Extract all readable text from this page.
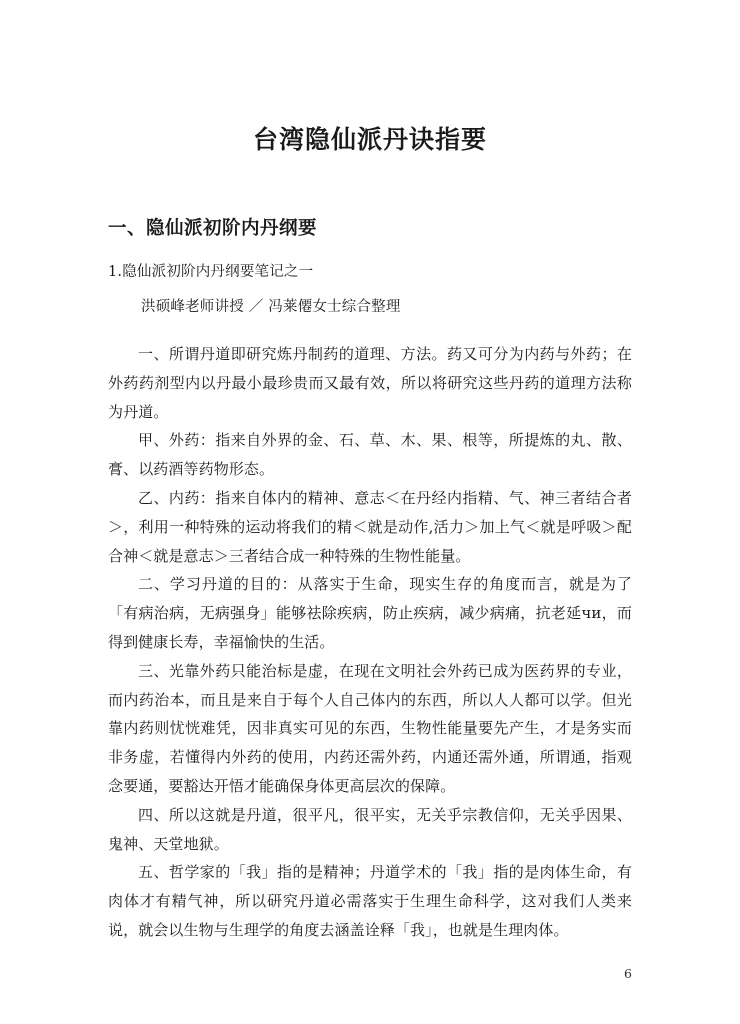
台湾隐仙派丹诀指要
一、隐仙派初阶内丹纲要

1.隐仙派初阶内丹纲要笔记之一

洪硕峰老师讲授 ／ 冯莱僊女士综合整理

一、所谓丹道即研究炼丹制药的道理、方法。药又可分为内药与外药；在外药药剂型内以丹最小最珍贵而又最有效，所以将研究这些丹药的道理方法称为丹道。

甲、外药：指来自外界的金、石、草、木、果、根等，所提炼的丸、散、膏、以药酒等药物形态。

乙、内药：指来自体内的精神、意志＜在丹经内指精、气、神三者结合者＞，利用一种特殊的运动将我们的精＜就是动作,活力＞加上气＜就是呼吸＞配合神＜就是意志＞三者结合成一种特殊的生物性能量。

二、学习丹道的目的：从落实于生命，现实生存的角度而言，就是为了「有病治病，无病强身」能够祛除疾病，防止疾病，减少病痛，抗老延чи，而得到健康长寿，幸福愉快的生活。

三、光靠外药只能治标是虚，在现在文明社会外药已成为医药界的专业，而内药治本，而且是来自于每个人自己体内的东西，所以人人都可以学。但光靠内药则忧恍难凭，因非真实可见的东西，生物性能量要先产生，才是务实而非务虚，若懂得内外药的使用，内药还需外药，内通还需外通，所谓通，指观念要通，要豁达开悟才能确保身体更高层次的保障。

四、所以这就是丹道，很平凡，很平实，无关乎宗教信仰，无关乎因果、鬼神、天堂地狱。

五、哲学家的「我」指的是精神；丹道学术的「我」指的是肉体生命，有肉体才有精气神，所以研究丹道必需落实于生理生命科学，这对我们人类来说，就会以生物与生理学的角度去涵盖诠释「我」，也就是生理肉体。

6
